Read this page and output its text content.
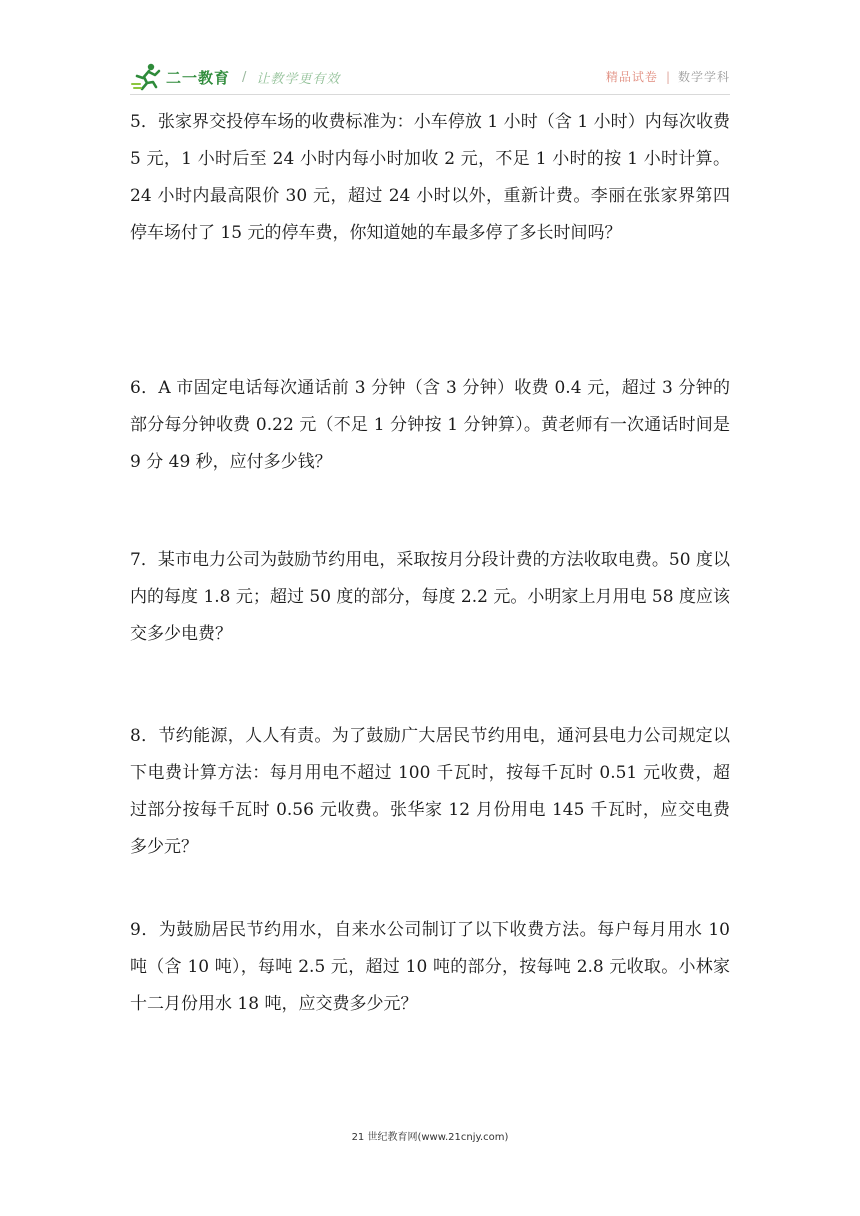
二一教育 / 让教学更有效	精品试卷 | 数学学科

5．张家界交投停车场的收费标准为：小车停放 1 小时（含 1 小时）内每次收费 5 元，1 小时后至 24 小时内每小时加收 2 元，不足 1 小时的按 1 小时计算。24 小时内最高限价 30 元，超过 24 小时以外，重新计费。李丽在张家界第四停车场付了 15 元的停车费，你知道她的车最多停了多长时间吗？

6．A 市固定电话每次通话前 3 分钟（含 3 分钟）收费 0.4 元，超过 3 分钟的部分每分钟收费 0.22 元（不足 1 分钟按 1 分钟算）。黄老师有一次通话时间是 9 分 49 秒，应付多少钱？

7．某市电力公司为鼓励节约用电，采取按月分段计费的方法收取电费。50 度以内的每度 1.8 元；超过 50 度的部分，每度 2.2 元。小明家上月用电 58 度应该交多少电费？

8．节约能源，人人有责。为了鼓励广大居民节约用电，通河县电力公司规定以下电费计算方法：每月用电不超过 100 千瓦时，按每千瓦时 0.51 元收费，超过部分按每千瓦时 0.56 元收费。张华家 12 月份用电 145 千瓦时，应交电费多少元？

9．为鼓励居民节约用水，自来水公司制订了以下收费方法。每户每月用水 10 吨（含 10 吨），每吨 2.5 元，超过 10 吨的部分，按每吨 2.8 元收取。小林家十二月份用水 18 吨，应交费多少元？

21 世纪教育网(www.21cnjy.com)
